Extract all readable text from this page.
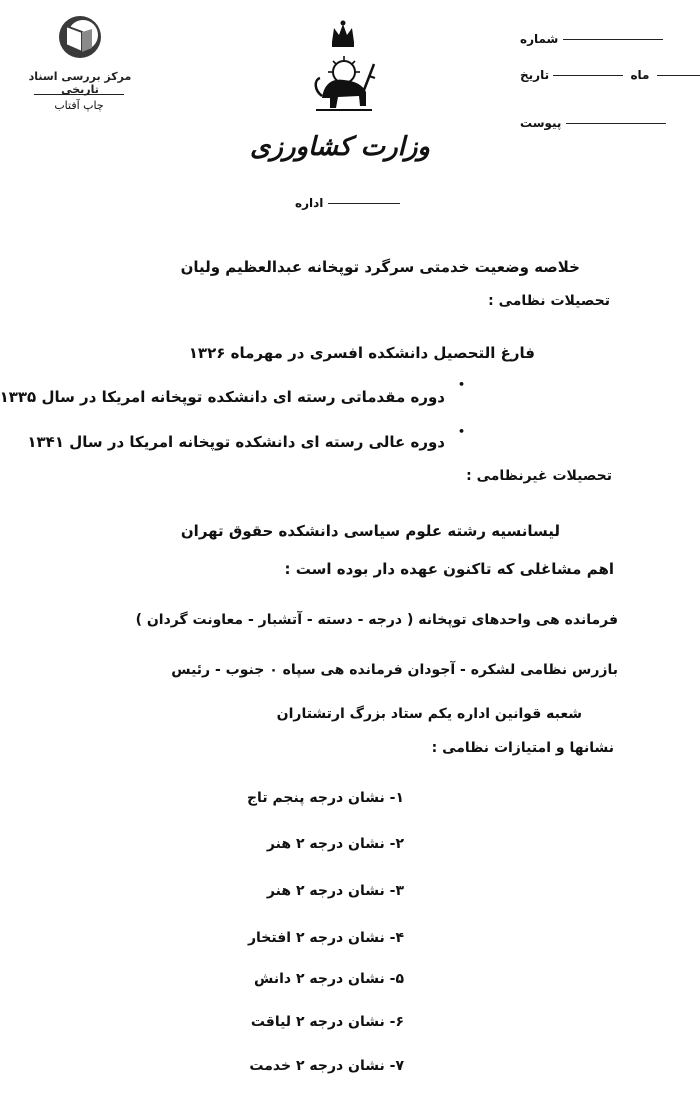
مرکز بررسی اسناد تاریخی
چاپ آفتاب
وزارت کشاورزی
اداره
شماره
ماه  تاریخ
پیوست
خلاصه وضعیت خدمتی سرگرد توپخانه عبدالعظیم ولیان
تحصیلات نظامی :
فارغ التحصیل دانشکده افسری در مهرماه ۱۳۲۶
•
دوره مقدماتی رسته ای دانشکده توپخانه امریکا در سال ۱۳۳۵
•
دوره عالی رسته ای دانشکده توپخانه امریکا در سال ۱۳۴۱
تحصیلات غیرنظامی :
لیسانسیه رشته علوم سیاسی دانشکده حقوق تهران
اهم مشاغلی که تاکنون عهده دار بوده است :
فرمانده هی واحدهای توپخانه ( درجه - دسته - آتشبار - معاونت گردان )
بازرس نظامی لشکره - آجودان فرمانده هی سپاه ۰ جنوب - رئیس
شعبه قوانین اداره یکم ستاد بزرگ ارتشتاران
نشانها و امتیازات نظامی :
۱- نشان درجه پنجم تاج
۲- نشان درجه ۲ هنر
۳- نشان درجه ۲ هنر
۴- نشان درجه ۲ افتخار
۵- نشان درجه ۲ دانش
۶- نشان درجه ۲ لیاقت
۷- نشان درجه ۲ خدمت
